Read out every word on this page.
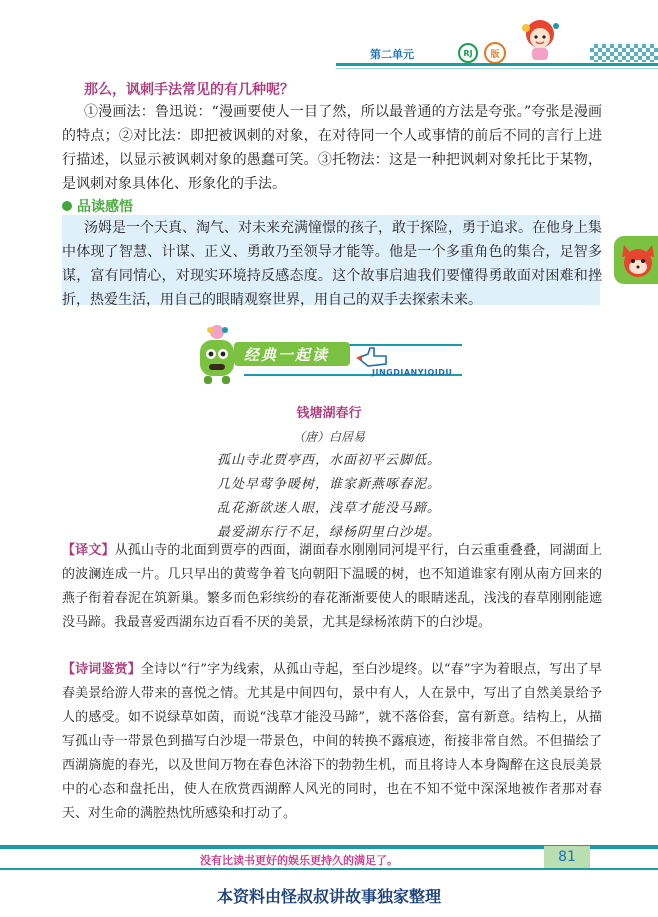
第二单元	RJ	版
那么，讽刺手法常见的有几种呢？
①漫画法：鲁迅说：“漫画要使人一目了然，所以最普通的方法是夸张。”夸张是漫画的特点；②对比法：即把被讽刺的对象，在对待同一个人或事情的前后不同的言行上进行描述，以显示被讽刺对象的愚蠢可笑。③托物法：这是一种把讽刺对象托比于某物，是讽刺对象具体化、形象化的手法。
品读感悟
汤姆是一个天真、淘气、对未来充满憧憬的孩子，敢于探险，勇于追求。在他身上集中体现了智慧、计谋、正义、勇敢乃至领导才能等。他是一个多重角色的集合，足智多谋，富有同情心，对现实环境持反感态度。这个故事启迪我们要懂得勇敢面对困难和挫折，热爱生活，用自己的眼睛观察世界，用自己的双手去探索未来。
经典一起读
JINGDIANYIQIDU
钱塘湖春行
（唐）白居易
孤山寺北贾亭西，水面初平云脚低。
几处早莺争暖树，谁家新燕啄春泥。
乱花渐欲迷人眼，浅草才能没马蹄。
最爱湖东行不足，绿杨阴里白沙堤。
【译文】从孤山寺的北面到贾亭的西面，湖面春水刚刚同河堤平行，白云重重叠叠，同湖面上的波澜连成一片。几只早出的黄莺争着飞向朝阳下温暖的树，也不知道谁家有刚从南方回来的燕子衔着春泥在筑新巢。繁多而色彩缤纷的春花渐渐要使人的眼睛迷乱，浅浅的春草刚刚能遮没马蹄。我最喜爱西湖东边百看不厌的美景，尤其是绿杨浓荫下的白沙堤。
【诗词鉴赏】全诗以“行”字为线索，从孤山寺起，至白沙堤终。以“春”字为着眼点，写出了早春美景给游人带来的喜悦之情。尤其是中间四句，景中有人，人在景中，写出了自然美景给予人的感受。如不说绿草如茵，而说“浅草才能没马蹄”，就不落俗套，富有新意。结构上，从描写孤山寺一带景色到描写白沙堤一带景色，中间的转换不露痕迹，衔接非常自然。不但描绘了西湖旖旎的春光，以及世间万物在春色沐浴下的勃勃生机，而且将诗人本身陶醉在这良辰美景中的心态和盘托出，使人在欣赏西湖醉人风光的同时，也在不知不觉中深深地被作者那对春天、对生命的满腔热忱所感染和打动了。
没有比读书更好的娱乐更持久的满足了。	81
本资料由怪叔叔讲故事独家整理
